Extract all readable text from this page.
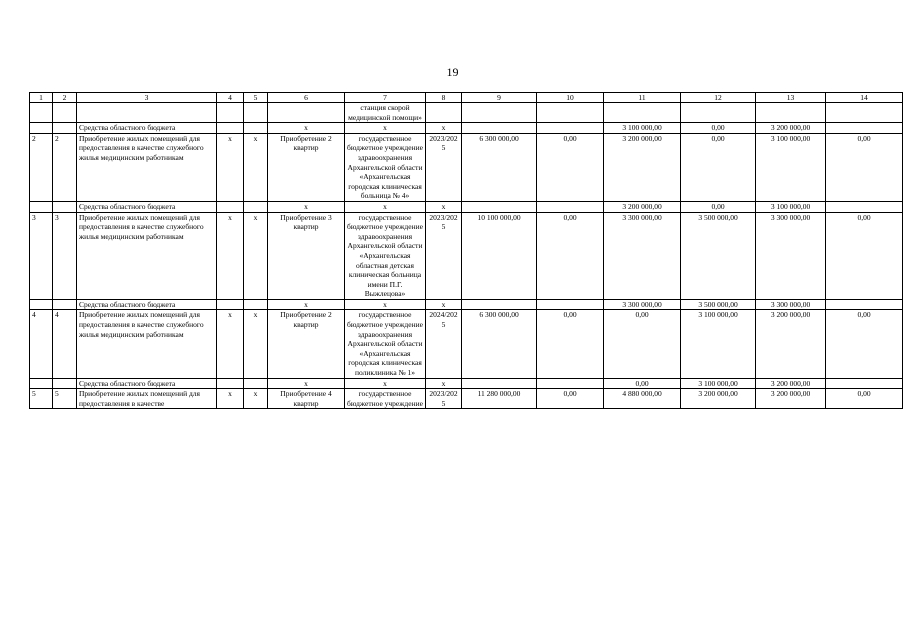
19
1	2	3	4	5	6	7	8	9	10	11	12	13	14
						станция скорой медицинской помощи»							
		Средства областного бюджета			х	х	х			3 100 000,00	0,00	3 200 000,00	
2	2	Приобретение жилых помещений для предоставления в качестве служебного жилья медицинским работникам	х	х	Приобретение 2 квартир	государственное бюджетное учреждение здравоохранения Архангельской области «Архангельская городская клиническая больница № 4»	2023/2025	6 300 000,00	0,00	3 200 000,00	0,00	3 100 000,00	0,00
		Средства областного бюджета			х	х	х			3 200 000,00	0,00	3 100 000,00	
3	3	Приобретение жилых помещений для предоставления в качестве служебного жилья медицинским работникам	х	х	Приобретение 3 квартир	государственное бюджетное учреждение здравоохранения Архангельской области «Архангельская областная детская клиническая больница имени П.Г. Выжлецова»	2023/2025	10 100 000,00	0,00	3 300 000,00	3 500 000,00	3 300 000,00	0,00
		Средства областного бюджета			х	х	х			3 300 000,00	3 500 000,00	3 300 000,00	
4	4	Приобретение жилых помещений для предоставления в качестве служебного жилья медицинским работникам	х	х	Приобретение 2 квартир	государственное бюджетное учреждение здравоохранения Архангельской области «Архангельская городская клиническая поликлиника № 1»	2024/2025	6 300 000,00	0,00	0,00	3 100 000,00	3 200 000,00	0,00
		Средства областного бюджета			х	х	х			0,00	3 100 000,00	3 200 000,00	
5	5	Приобретение жилых помещений для предоставления в качестве	х	х	Приобретение 4 квартир	государственное бюджетное учреждение	2023/2025	11 280 000,00	0,00	4 880 000,00	3 200 000,00	3 200 000,00	0,00
